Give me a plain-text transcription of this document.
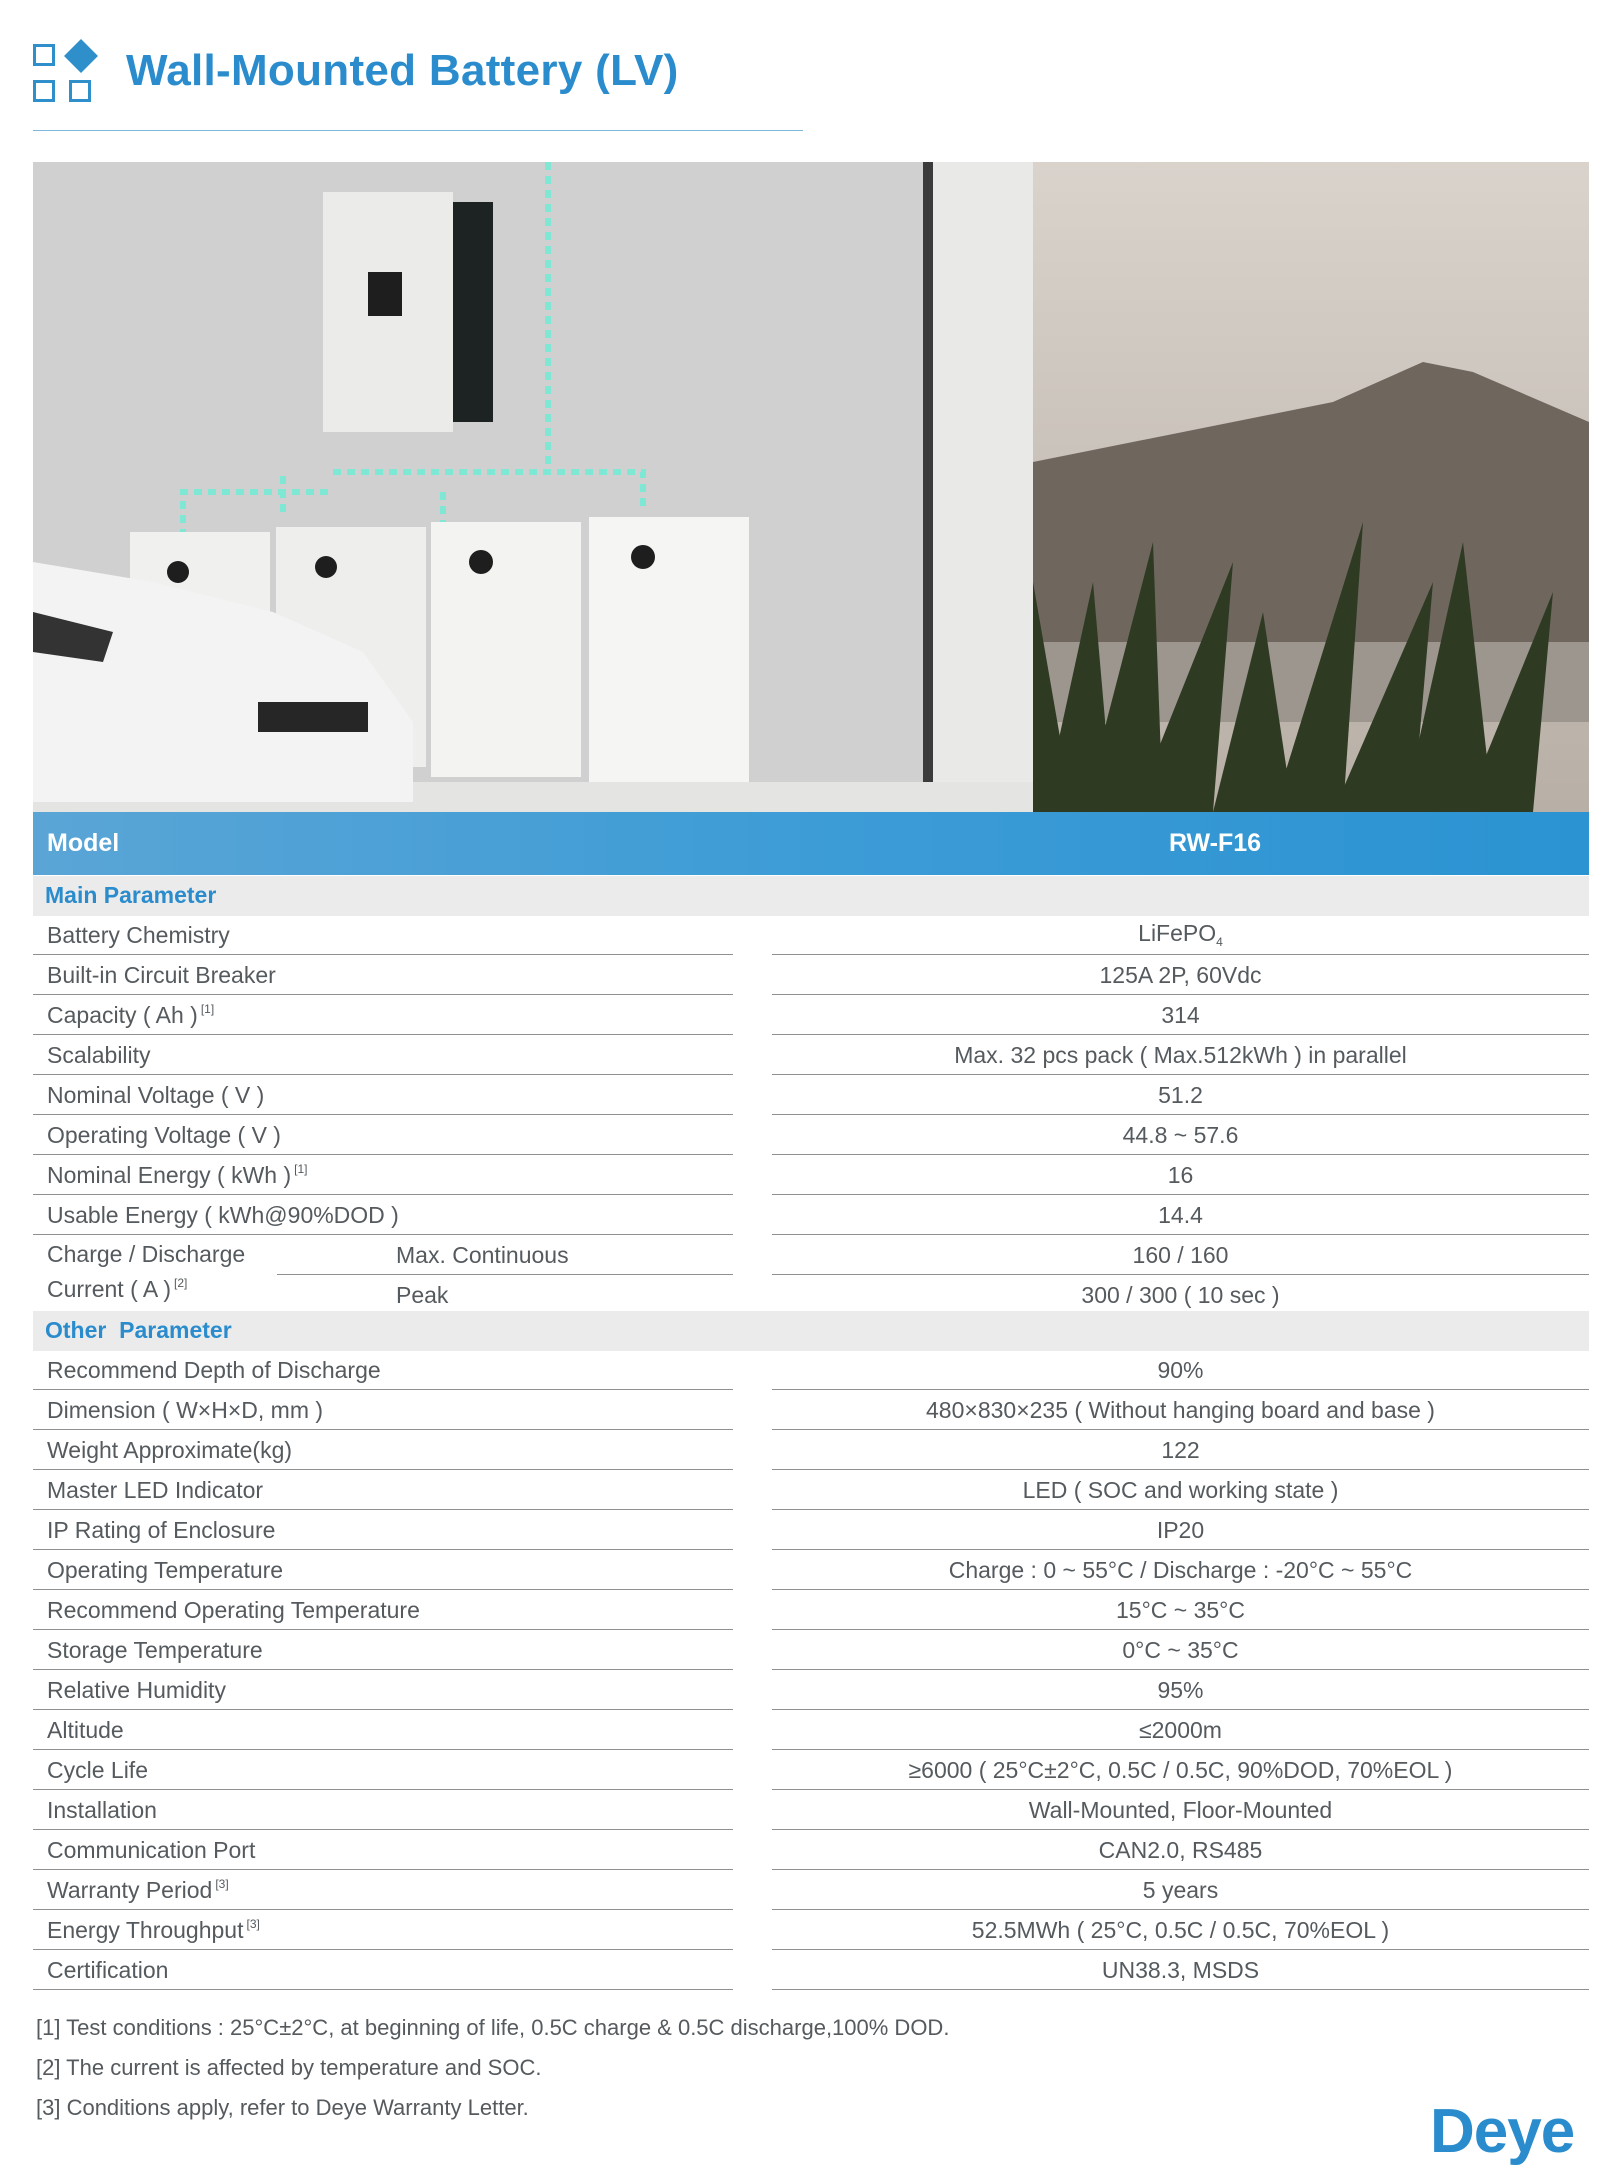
Wall-Mounted Battery (LV)
Model	RW-F16
Main Parameter
Battery Chemistry	LiFePO$_4$
Built-in Circuit Breaker	125A 2P, 60Vdc
Capacity ( Ah ) [1]	314
Scalability	Max. 32 pcs pack ( Max.512kWh ) in parallel
Nominal Voltage ( V )	51.2
Operating Voltage ( V )	44.8 ~ 57.6
Nominal Energy ( kWh ) [1]	16
Usable Energy ( kWh@90%DOD )	14.4
Charge / Discharge
Current ( A ) [2]
Max. Continuous	160 / 160
Peak	300 / 300 ( 10 sec )
Other  Parameter
Recommend Depth of Discharge	90%
Dimension ( W×H×D, mm )	480×830×235 ( Without hanging board and base )
Weight Approximate(kg)	122
Master LED Indicator	LED ( SOC and working state )
IP Rating of Enclosure	IP20
Operating Temperature	Charge : 0 ~ 55°C / Discharge : -20°C ~ 55°C
Recommend Operating Temperature	15°C ~ 35°C
Storage Temperature	0°C ~ 35°C
Relative Humidity	95%
Altitude	≤2000m
Cycle Life	≥6000 ( 25°C±2°C, 0.5C / 0.5C, 90%DOD, 70%EOL )
Installation	Wall-Mounted, Floor-Mounted
Communication Port	CAN2.0, RS485
Warranty Period [3]	5 years
Energy Throughput [3]	52.5MWh ( 25°C, 0.5C / 0.5C, 70%EOL )
Certification	UN38.3, MSDS
[1] Test conditions : 25°C±2°C, at beginning of life, 0.5C charge & 0.5C discharge,100% DOD.
[2] The current is affected by temperature and SOC.
[3] Conditions apply, refer to Deye Warranty Letter.	Deye
